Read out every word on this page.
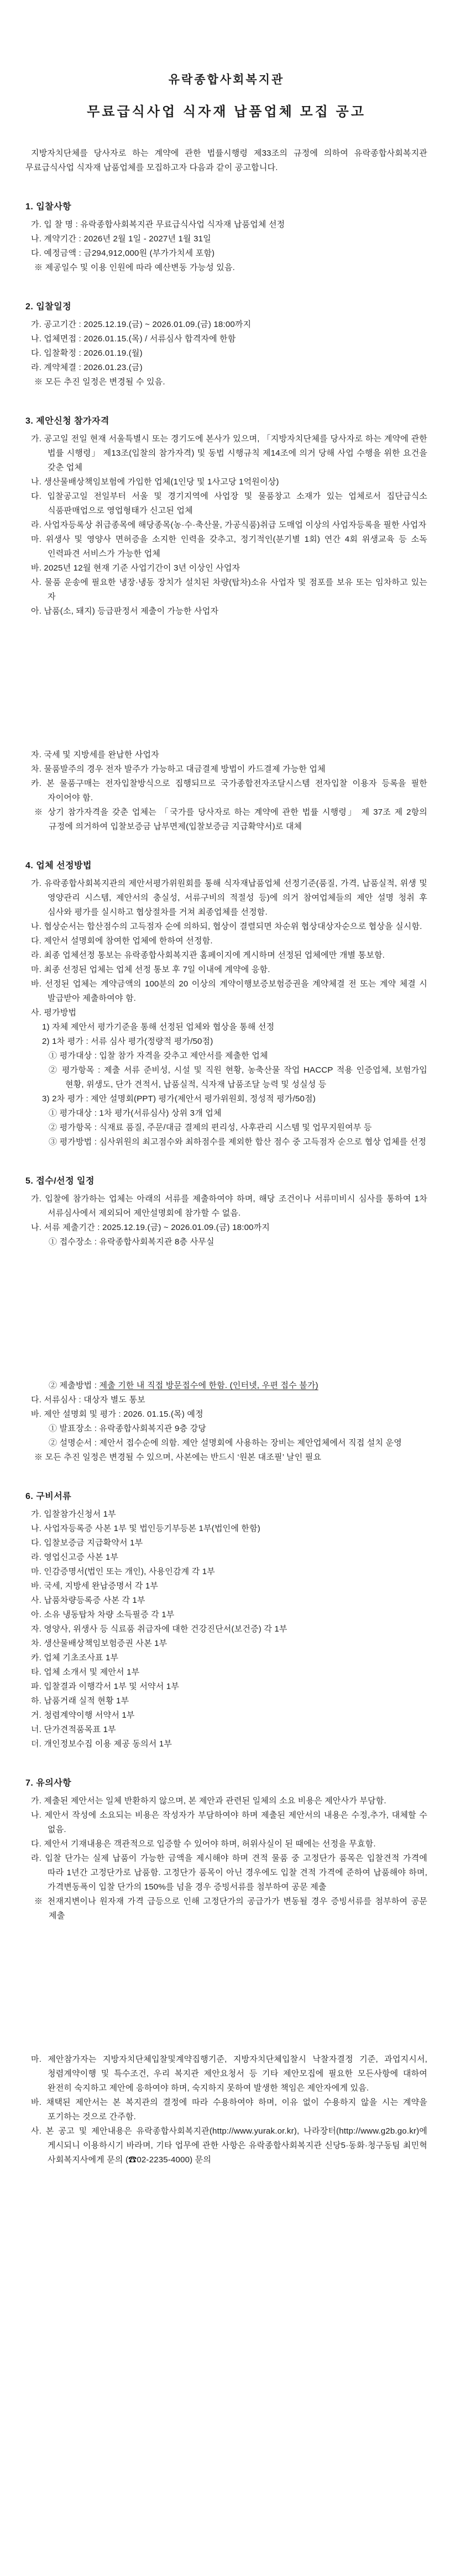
유락종합사회복지관
무료급식사업 식자재 납품업체 모집 공고

지방자치단체를 당사자로 하는 계약에 관한 법률시행령 제33조의 규정에 의하여 유락종합사회복지관 무료급식사업 식자재 납품업체를 모집하고자 다음과 같이 공고합니다.

1. 입찰사항

가. 입 찰 명 : 유락종합사회복지관 무료급식사업 식자재 납품업체 선정

나. 계약기간 : 2026년 2월 1일 - 2027년 1월 31일

다. 예정금액 : 금294,912,000원 (부가가치세 포함)

※ 제공일수 및 이용 인원에 따라 예산변동 가능성 있음.

2. 입찰일정

가. 공고기간 : 2025.12.19.(금) ~ 2026.01.09.(금) 18:00까지

나. 업체면접 : 2026.01.15.(목) / 서류심사 합격자에 한함

다. 입찰확정 : 2026.01.19.(월)

라. 계약체결 : 2026.01.23.(금)

※ 모든 추진 일정은 변경될 수 있음.

3. 제안신청 참가자격

가. 공고일 전일 현재 서울특별시 또는 경기도에 본사가 있으며, 「지방자치단체를 당사자로 하는 계약에 관한 법률 시행령」 제13조(입찰의 참가자격) 및 동법 시행규칙 제14조에 의거 당해 사업 수행을 위한 요건을 갖춘 업체

나. 생산물배상책임보험에 가입한 업체(1인당 및 1사고당 1억원이상)

다. 입찰공고일 전일부터 서울 및 경기지역에 사업장 및 물품창고 소재가 있는 업체로서 집단급식소 식품판매업으로 영업형태가 신고된 업체

라. 사업자등록상 취급종목에 해당종목(농·수·축산물, 가공식품)취급 도매업 이상의 사업자등록을 필한 사업자

마. 위생사 및 영양사 면허증을 소지한 인력을 갖추고, 정기적인(분기별 1회) 연간 4회 위생교육 등 소독 인력파견 서비스가 가능한 업체

바. 2025년 12월 현재 기준 사업기간이 3년 이상인 사업자

사. 물품 운송에 필요한 냉장·냉동 장치가 설치된 차량(탑차)소유 사업자 및 점포를 보유 또는 임차하고 있는 자

아. 납품(소, 돼지) 등급판정서 제출이 가능한 사업자

자. 국세 및 지방세를 완납한 사업자

차. 물품발주의 경우 전자 발주가 가능하고 대금결제 방법이 카드결제 가능한 업체

카. 본 물품구매는 전자입찰방식으로 집행되므로 국가종합전자조달시스템 전자입찰 이용자 등록을 필한 자이어야 함.

※ 상기 참가자격을 갖춘 업체는 「국가를 당사자로 하는 계약에 관한 법률 시행령」 제 37조 제 2항의 규정에 의거하여 입찰보증금 납부면제(입찰보증금 지급확약서)로 대체

4. 업체 선정방법

가. 유락종합사회복지관의 제안서평가위원회를 통해 식자재납품업체 선정기준(품질, 가격, 납품실적, 위생 및 영양관리 시스템, 제안서의 충실성, 서류구비의 적절성 등)에 의거 참여업체들의 제안 설명 청취 후 심사와 평가를 실시하고 협상절차를 거쳐 최종업체를 선정함.

나. 협상순서는 합산점수의 고득점자 순에 의하되, 협상이 결렬되면 차순위 협상대상자순으로 협상을 실시함.

다. 제안서 설명회에 참여한 업체에 한하여 선정함.

라. 최종 업체선정 통보는 유락종합사회복지관 홈페이지에 게시하며 선정된 업체에만 개별 통보함.

마. 최종 선정된 업체는 업체 선정 통보 후 7일 이내에 계약에 응함.

바. 선정된 업체는 계약금액의 100분의 20 이상의 계약이행보증보험증권을 계약체결 전 또는 계약 체결 시 발급받아 제출하여야 함.

사. 평가방법

1) 자체 제안서 평가기준을 통해 선정된 업체와 협상을 통해 선정

2) 1차 평가 : 서류 심사 평가(정량적 평가/50점)

① 평가대상 : 입찰 참가 자격을 갖추고 제안서를 제출한 업체

② 평가항목 : 제출 서류 준비성, 시설 및 직원 현황, 농축산물 작업 HACCP 적용 인증업체, 보험가입 현황, 위생도, 단가 견적서, 납품실적, 식자재 납품조달 능력 및 성실성 등

3) 2차 평가 : 제안 설명회(PPT) 평가(제안서 평가위원회, 정성적 평가/50점)

① 평가대상 : 1차 평가(서류심사) 상위 3개 업체

② 평가항목 : 식재료 품질, 주문/대금 결제의 편리성, 사후관리 시스템 및 업무지원여부 등

③ 평가방법 : 심사위원의 최고점수와 최하점수를 제외한 합산 점수 중 고득점자 순으로 협상 업체를 선정

5. 접수/선정 일정

가. 입찰에 참가하는 업체는 아래의 서류를 제출하여야 하며, 해당 조건이나 서류미비시 심사를 통하여 1차 서류심사에서 제외되어 제안설명회에 참가할 수 없음.

나. 서류 제출기간 : 2025.12.19.(금) ~ 2026.01.09.(금) 18:00까지

① 접수장소 : 유락종합사회복지관 8층 사무실

② 제출방법 : 제출 기한 내 직접 방문접수에 한함. (인터넷, 우편 접수 불가)

다. 서류심사 : 대상자 별도 통보

바. 제안 설명회 및 평가 : 2026. 01.15.(목) 예정

① 발표장소 : 유락종합사회복지관 9층 강당

② 설명순서 : 제안서 접수순에 의함. 제안 설명회에 사용하는 장비는 제안업체에서 직접 설치 운영

※ 모든 추진 일정은 변경될 수 있으며, 사본에는 반드시 ‘원본 대조필’ 날인 필요

6. 구비서류

가. 입찰참가신청서 1부

나. 사업자등록증 사본 1부 및 법인등기부등본 1부(법인에 한함)

다. 입찰보증금 지급확약서 1부

라. 영업신고증 사본 1부

마. 인감증명서(법인 또는 개인), 사용인감계 각 1부

바. 국세, 지방세 완납증명서 각 1부

사. 납품차량등록증 사본 각 1부

아. 소유 냉동탑차 차량 소득필증 각 1부

자. 영양사, 위생사 등 식료품 취급자에 대한 건강진단서(보건증) 각 1부

차. 생산물배상책임보험증권 사본 1부

카. 업체 기초조사표 1부

타. 업체 소개서 및 제안서 1부

파. 입찰결과 이행각서 1부 및 서약서 1부

하. 납품거래 실적 현황 1부

거. 청렴계약이행 서약서 1부

너. 단가견적품목표 1부

더. 개인정보수집 이용 제공 동의서 1부

7. 유의사항

가. 제출된 제안서는 일체 반환하지 않으며, 본 제안과 관련된 일체의 소요 비용은 제안사가 부담함.

나. 제안서 작성에 소요되는 비용은 작성자가 부담하여야 하며 제출된 제안서의 내용은 수정,추가, 대체할 수 없음.

다. 제안서 기재내용은 객관적으로 입증할 수 있어야 하며, 허위사실이 된 때에는 선정을 무효함.

라. 입찰 단가는 실제 납품이 가능한 금액을 제시해야 하며 견적 물품 중 고정단가 품목은 입찰견적 가격에 따라 1년간 고정단가로 납품함. 고정단가 품목이 아닌 경우에도 입찰 견적 가격에 준하여 납품해야 하며, 가격변동폭이 입찰 단가의 150%를 넘을 경우 증빙서류를 첨부하여 공문 제출

※ 천재지변이나 원자재 가격 급등으로 인해 고정단가의 공급가가 변동될 경우 증빙서류를 첨부하여 공문 제출

마. 제안참가자는 지방자치단체입찰및계약집행기준, 지방자치단체입찰시 낙찰자결정 기준, 과업지시서, 청렴계약이행 및 특수조건, 우리 복지관 제안요청서 등 기타 제안모집에 필요한 모든사항에 대하여 완전히 숙지하고 제안에 응하여야 하며, 숙지하지 못하여 발생한 책임은 제안자에게 있음.

바. 채택된 제안서는 본 복지관의 결정에 따라 수용하여야 하며, 이유 없이 수용하지 않을 시는 계약을 포기하는 것으로 간주함.

사. 본 공고 및 제안내용은 유락종합사회복지관(http://www.yurak.or.kr), 나라장터(http://www.g2b.go.kr)에 게시되니 이용하시기 바라며, 기타 업무에 관한 사항은 유락종합사회복지관 신당5·동화·청구동팀 최민혁 사회복지사에게 문의 (☎02-2235-4000) 문의
